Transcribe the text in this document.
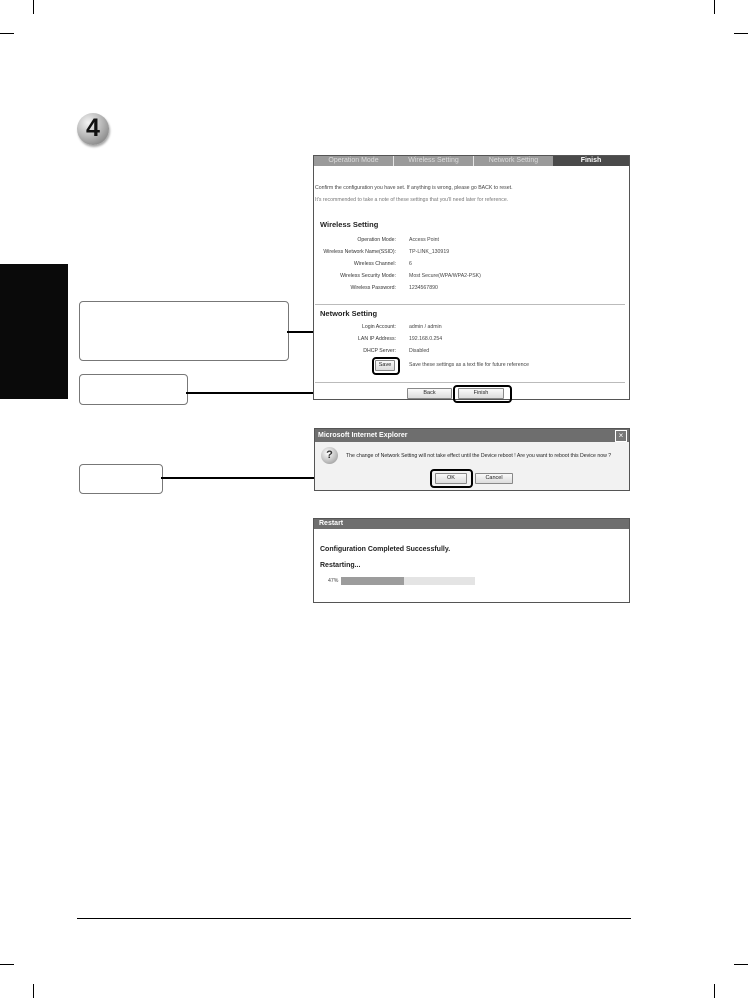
4
Operation Mode	Wireless Setting	Network Setting	Finish
Confirm the configuration you have set. If anything is wrong, please go BACK to reset.
It's recommended to take a note of these settings that you'll need later for reference.
Wireless Setting
Operation Mode:	Access Point
Wireless Network Name(SSID):	TP-LINK_130919
Wireless Channel:	6
Wireless Security Mode:	Most Secure(WPA/WPA2-PSK)
Wireless Password:	1234567890
Network Setting
Login Account:	admin / admin
LAN IP Address:	192.168.0.254
DHCP Server:	Disabled
Save	Save these settings as a text file for future reference
Back	Finish
Microsoft Internet Explorer	×
?	The change of Network Setting will not take effect until the Device reboot ! Are you want to reboot this Device now ?
OK	Cancel
Restart
Configuration Completed Successfully.
Restarting...
47%
